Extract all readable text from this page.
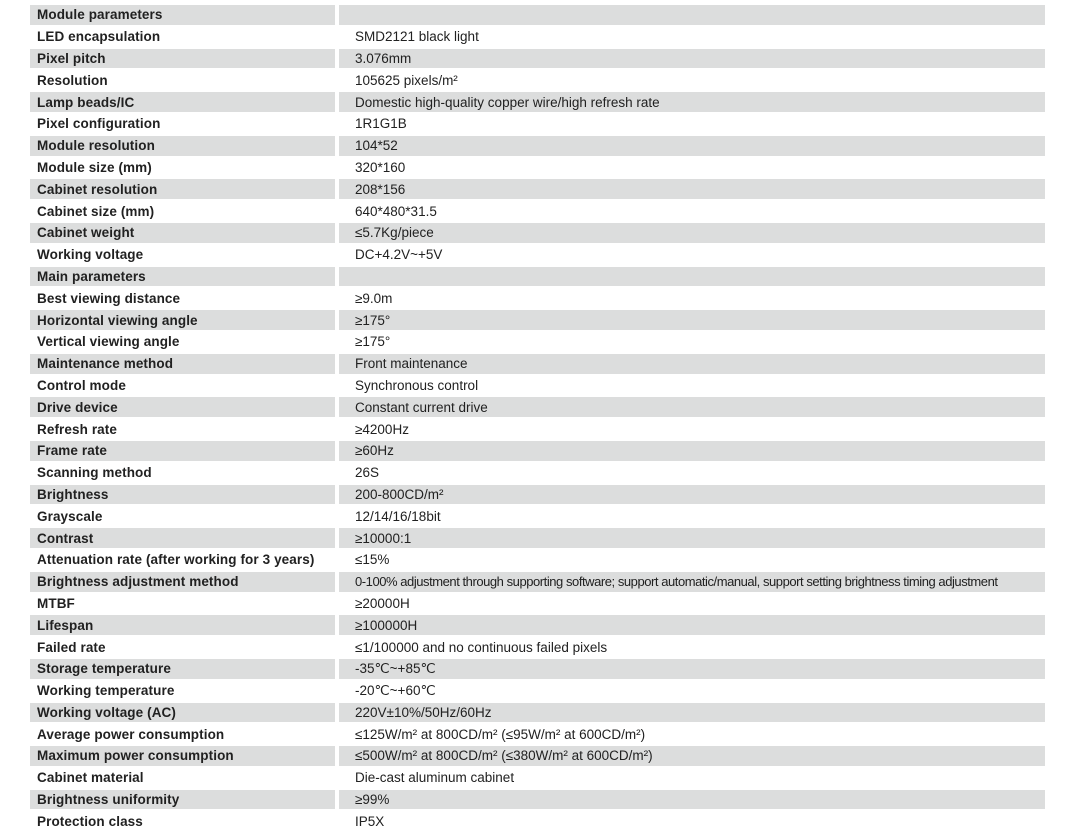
Module parameters
LED encapsulation	SMD2121 black light
Pixel pitch	3.076mm
Resolution	105625 pixels/m²
Lamp beads/IC	Domestic high-quality copper wire/high refresh rate
Pixel configuration	1R1G1B
Module resolution	104*52
Module size (mm)	320*160
Cabinet resolution	208*156
Cabinet size (mm)	640*480*31.5
Cabinet weight	≤5.7Kg/piece
Working voltage	DC+4.2V~+5V
Main parameters
Best viewing distance	≥9.0m
Horizontal viewing angle	≥175°
Vertical viewing angle	≥175°
Maintenance method	Front maintenance
Control mode	Synchronous control
Drive device	Constant current drive
Refresh rate	≥4200Hz
Frame rate	≥60Hz
Scanning method	26S
Brightness	200-800CD/m²
Grayscale	12/14/16/18bit
Contrast	≥10000:1
Attenuation rate (after working for 3 years)	≤15%
Brightness adjustment method	0-100% adjustment through supporting software; support automatic/manual, support setting brightness timing adjustment
MTBF	≥20000H
Lifespan	≥100000H
Failed rate	≤1/100000 and no continuous failed pixels
Storage temperature	-35℃~+85℃
Working temperature	-20℃~+60℃
Working voltage (AC)	220V±10%/50Hz/60Hz
Average power consumption	≤125W/m² at 800CD/m² (≤95W/m² at 600CD/m²)
Maximum power consumption	≤500W/m² at 800CD/m² (≤380W/m² at 600CD/m²)
Cabinet material	Die-cast aluminum cabinet
Brightness uniformity	≥99%
Protection class	IP5X
